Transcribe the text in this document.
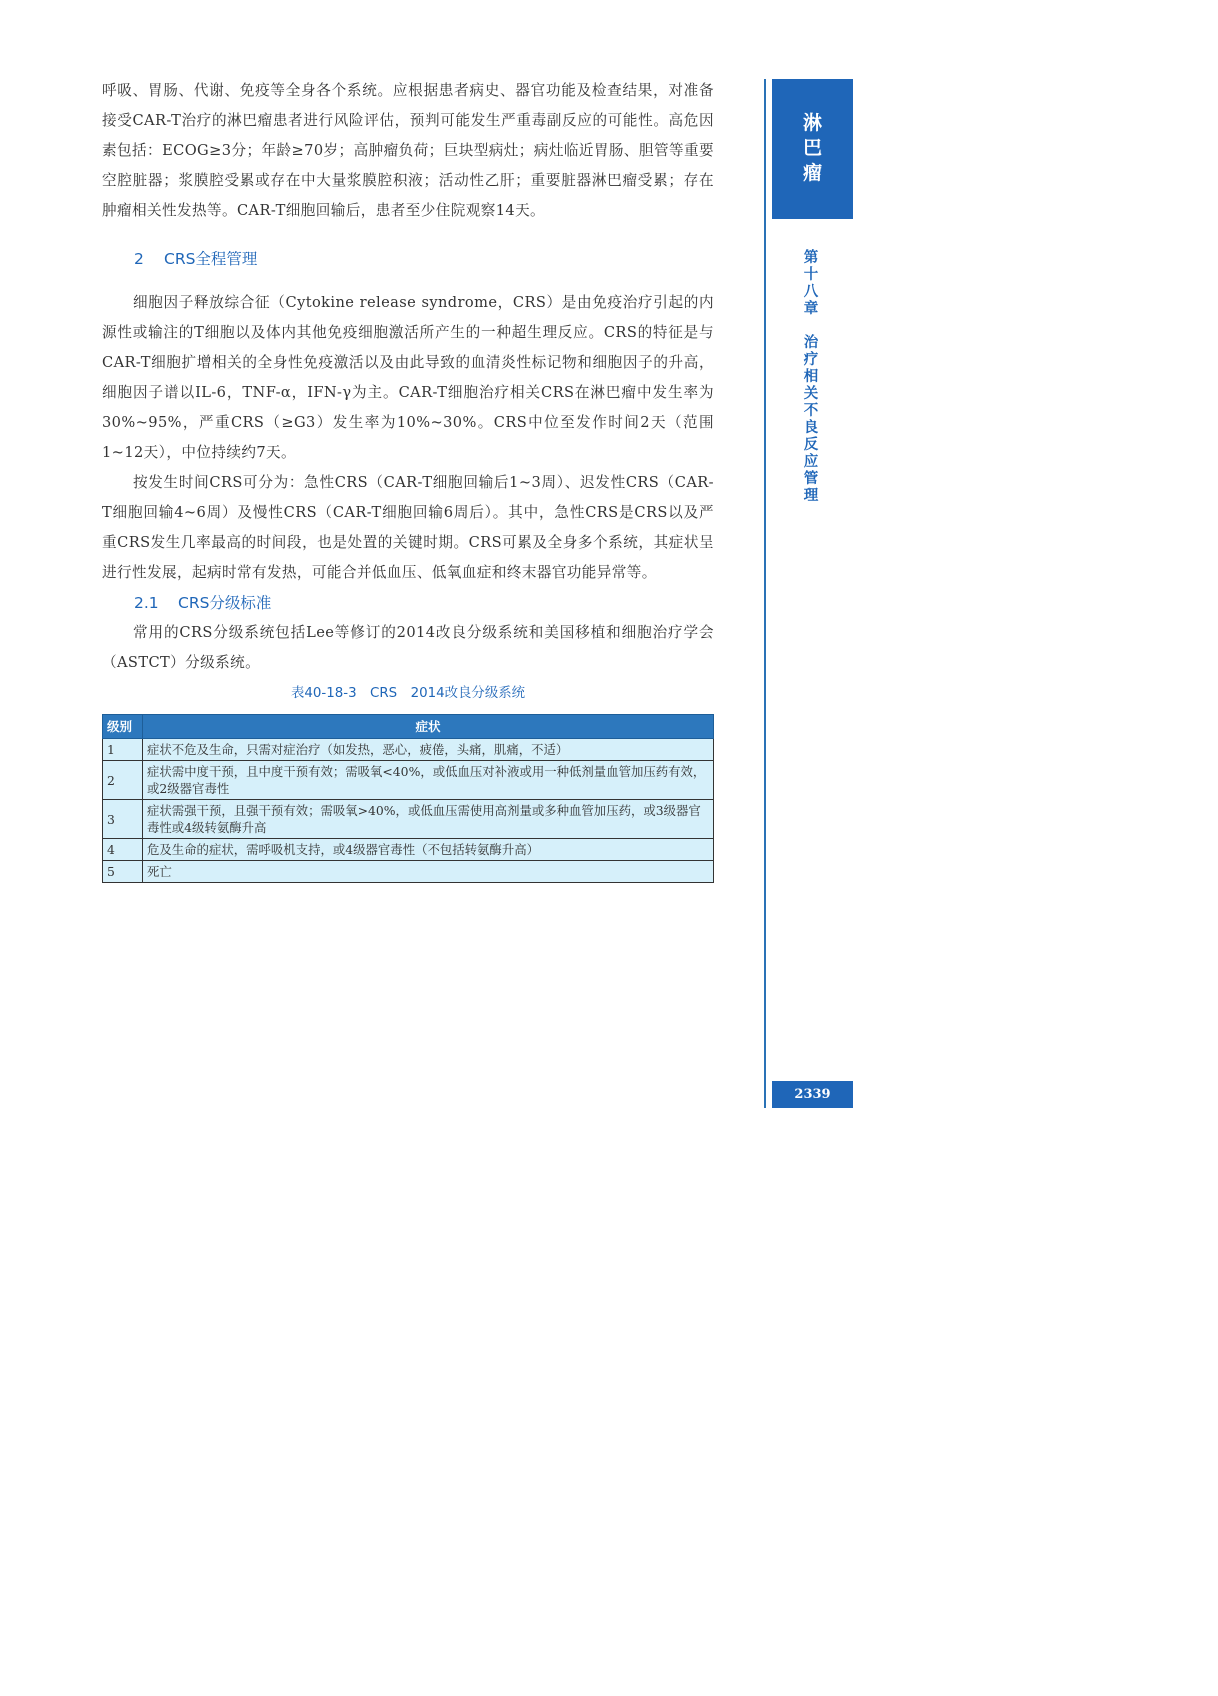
呼吸、胃肠、代谢、免疫等全身各个系统。应根据患者病史、器官功能及检查结果，对准备接受CAR-T治疗的淋巴瘤患者进行风险评估，预判可能发生严重毒副反应的可能性。高危因素包括：ECOG≥3分；年龄≥70岁；高肿瘤负荷；巨块型病灶；病灶临近胃肠、胆管等重要空腔脏器；浆膜腔受累或存在中大量浆膜腔积液；活动性乙肝；重要脏器淋巴瘤受累；存在肿瘤相关性发热等。CAR-T细胞回输后，患者至少住院观察14天。

2 CRS全程管理

细胞因子释放综合征（Cytokine release syndrome，CRS）是由免疫治疗引起的内源性或输注的T细胞以及体内其他免疫细胞激活所产生的一种超生理反应。CRS的特征是与CAR-T细胞扩增相关的全身性免疫激活以及由此导致的血清炎性标记物和细胞因子的升高，细胞因子谱以IL-6，TNF-α，IFN-γ为主。CAR-T细胞治疗相关CRS在淋巴瘤中发生率为30%~95%，严重CRS（≥G3）发生率为10%~30%。CRS中位至发作时间2天（范围1~12天），中位持续约7天。

按发生时间CRS可分为：急性CRS（CAR-T细胞回输后1~3周）、迟发性CRS（CAR-T细胞回输4~6周）及慢性CRS（CAR-T细胞回输6周后）。其中，急性CRS是CRS以及严重CRS发生几率最高的时间段，也是处置的关键时期。CRS可累及全身多个系统，其症状呈进行性发展，起病时常有发热，可能合并低血压、低氧血症和终末器官功能异常等。

2.1 CRS分级标准

常用的CRS分级系统包括Lee等修订的2014改良分级系统和美国移植和细胞治疗学会（ASTCT）分级系统。

表40-18-3　CRS　2014改良分级系统
级别	症状
1	症状不危及生命，只需对症治疗（如发热，恶心，疲倦，头痛，肌痛，不适）
2	症状需中度干预，且中度干预有效；需吸氧<40%，或低血压对补液或用一种低剂量血管加压药有效，或2级器官毒性
3	症状需强干预，且强干预有效；需吸氧>40%，或低血压需使用高剂量或多种血管加压药，或3级器官毒性或4级转氨酶升高
4	危及生命的症状，需呼吸机支持，或4级器官毒性（不包括转氨酶升高）
5	死亡
淋
巴
瘤
第
十
八
章
治
疗
相
关
不
良
反
应
管
理
2339
